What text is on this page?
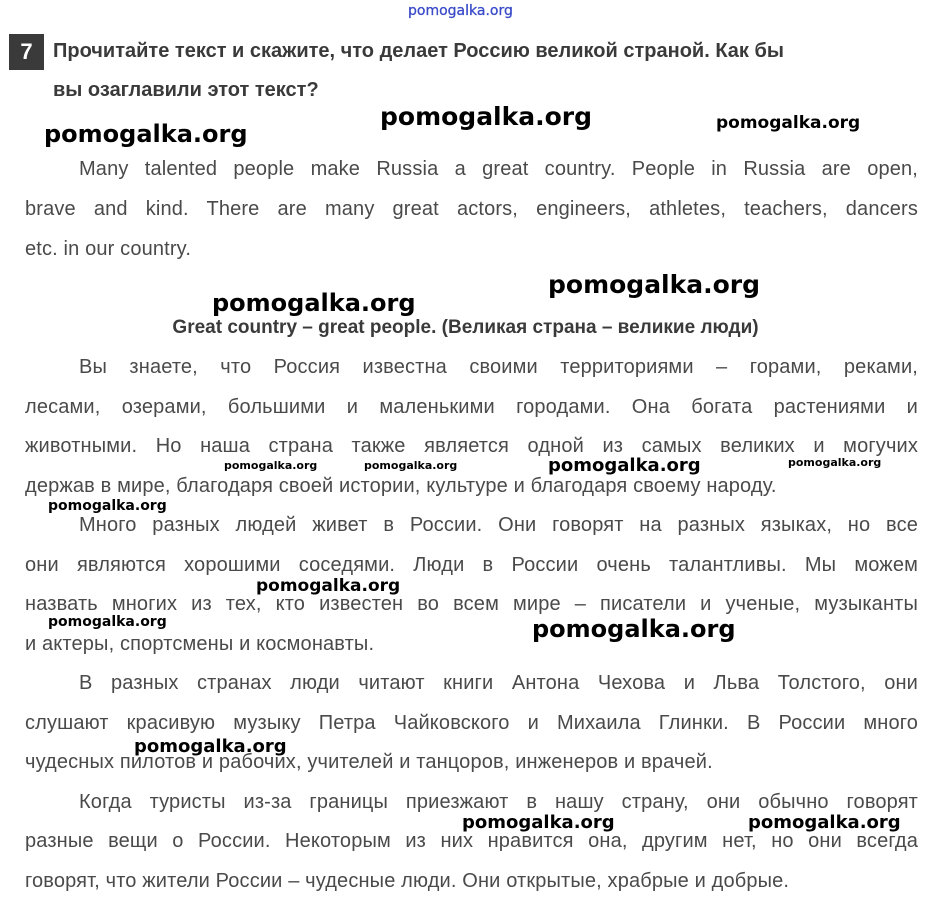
pomogalka.org
7	Прочитайте текст и скажите, что делает Россию великой страной. Как бы
вы озаглавили этот текст?
Many talented people make Russia a great country. People in Russia are open,
brave and kind. There are many great actors, engineers, athletes, teachers, dancers
etc. in our country.
Great country – great people. (Великая страна – великие люди)
Вы знаете, что Россия известна своими территориями – горами, реками,
лесами, озерами, большими и маленькими городами. Она богата растениями и
животными. Но наша страна также является одной из самых великих и могучих
держав в мире, благодаря своей истории, культуре и благодаря своему народу.
Много разных людей живет в России. Они говорят на разных языках, но все
они являются хорошими соседями. Люди в России очень талантливы. Мы можем
назвать многих из тех, кто известен во всем мире – писатели и ученые, музыканты
и актеры, спортсмены и космонавты.
В разных странах люди читают книги Антона Чехова и Льва Толстого, они
слушают красивую музыку Петра Чайковского и Михаила Глинки. В России много
чудесных пилотов и рабочих, учителей и танцоров, инженеров и врачей.
Когда туристы из-за границы приезжают в нашу страну, они обычно говорят
разные вещи о России. Некоторым из них нравится она, другим нет, но они всегда
говорят, что жители России – чудесные люди. Они открытые, храбрые и добрые.
pomogalka.org
pomogalka.org	pomogalka.org
pomogalka.org
pomogalka.org
pomogalka.org	pomogalka.org	pomogalka.org	pomogalka.org
pomogalka.org
pomogalka.org
pomogalka.org	pomogalka.org
pomogalka.org
pomogalka.org	pomogalka.org
